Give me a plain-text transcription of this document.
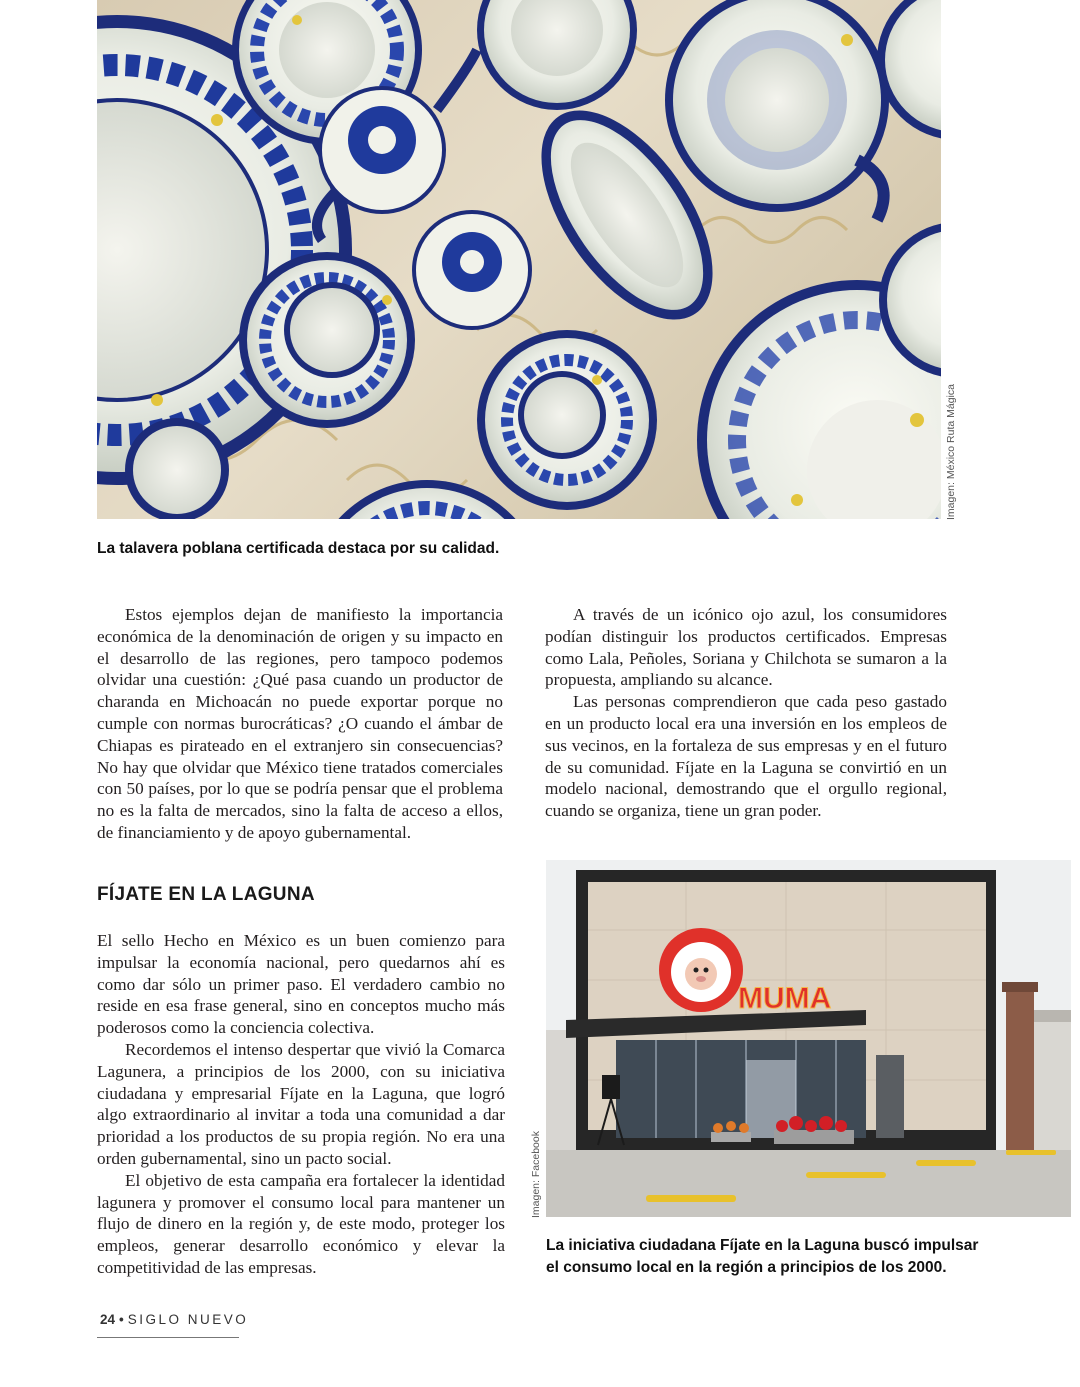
Imagen: México Ruta Mágica
La talavera poblana certificada destaca por su calidad.

Estos ejemplos dejan de manifiesto la importancia económica de la denominación de origen y su impacto en el desarrollo de las regiones, pero tampoco podemos olvidar una cuestión: ¿Qué pasa cuando un productor de charanda en Michoacán no puede exportar porque no cumple con normas burocráticas? ¿O cuando el ámbar de Chiapas es pirateado en el extranjero sin consecuencias? No hay que olvidar que México tiene tratados comerciales con 50 países, por lo que se podría pensar que el problema no es la falta de mercados, sino la falta de acceso a ellos, de financiamiento y de apoyo gubernamental.

A través de un icónico ojo azul, los consumidores podían distinguir los productos certificados. Empresas como Lala, Peñoles, Soriana y Chilchota se sumaron a la propuesta, ampliando su alcance.

Las personas comprendieron que cada peso gastado en un producto local era una inversión en los empleos de sus vecinos, en la fortaleza de sus empresas y en el futuro de su comunidad. Fíjate en la Laguna se convirtió en un modelo nacional, demostrando que el orgullo regional, cuando se organiza, tiene un gran poder.

FÍJATE EN LA LAGUNA

El sello Hecho en México es un buen comienzo para impulsar la economía nacional, pero quedarnos ahí es como dar sólo un primer paso. El verdadero cambio no reside en esa frase general, sino en conceptos mucho más poderosos como la conciencia colectiva.

Recordemos el intenso despertar que vivió la Comarca Lagunera, a principios de los 2000, con su iniciativa ciudadana y empresarial Fíjate en la Laguna, que logró algo extraordinario al invitar a toda una comunidad a dar prioridad a los productos de su propia región. No era una orden gubernamental, sino un pacto social.

El objetivo de esta campaña era fortalecer la identidad lagunera y promover el consumo local para mantener un flujo de dinero en la región y, de este modo, proteger los empleos, generar desarrollo económico y elevar la competitividad de las empresas.

MUMA
Imagen: Facebook
La iniciativa ciudadana Fíjate en la Laguna buscó impulsar el consumo local en la región a principios de los 2000.
24 • SIGLO NUEVO
